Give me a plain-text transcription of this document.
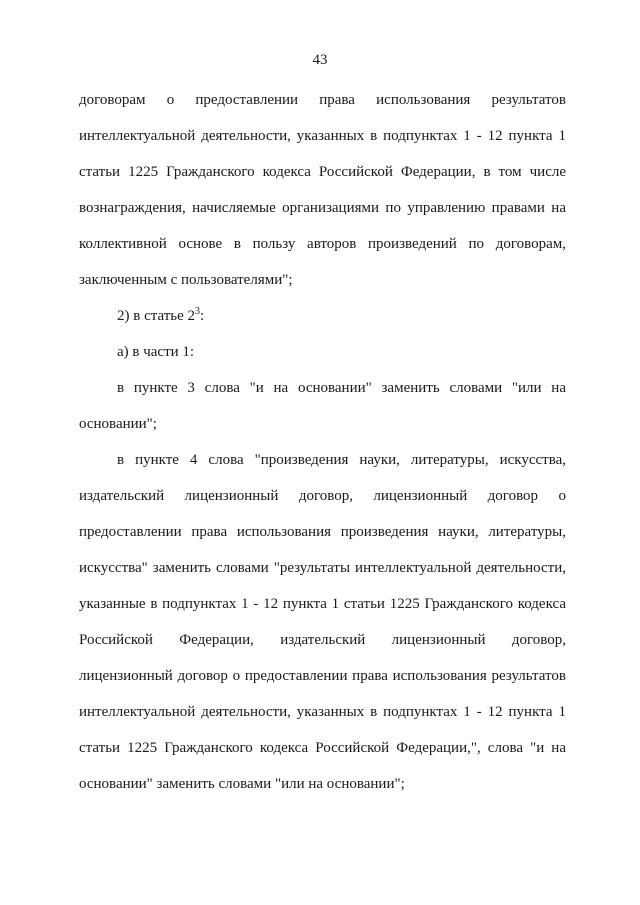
43
договорам о предоставлении права использования результатов
интеллектуальной деятельности, указанных в подпунктах 1 - 12 пункта 1
статьи 1225 Гражданского кодекса Российской Федерации, в том числе
вознаграждения, начисляемые организациями по управлению правами на
коллективной основе в пользу авторов произведений по договорам,
заключенным с пользователями";
2) в статье $2^3$:
а) в части 1:
в пункте 3 слова "и на основании" заменить словами "или на
основании";
в пункте 4 слова "произведения науки, литературы, искусства,
издательский лицензионный договор, лицензионный договор о
предоставлении права использования произведения науки, литературы,
искусства" заменить словами "результаты интеллектуальной деятельности,
указанные в подпунктах 1 - 12 пункта 1 статьи 1225 Гражданского кодекса
Российской Федерации, издательский лицензионный договор,
лицензионный договор о предоставлении права использования результатов
интеллектуальной деятельности, указанных в подпунктах 1 - 12 пункта 1
статьи 1225 Гражданского кодекса Российской Федерации,", слова "и на
основании" заменить словами "или на основании";
